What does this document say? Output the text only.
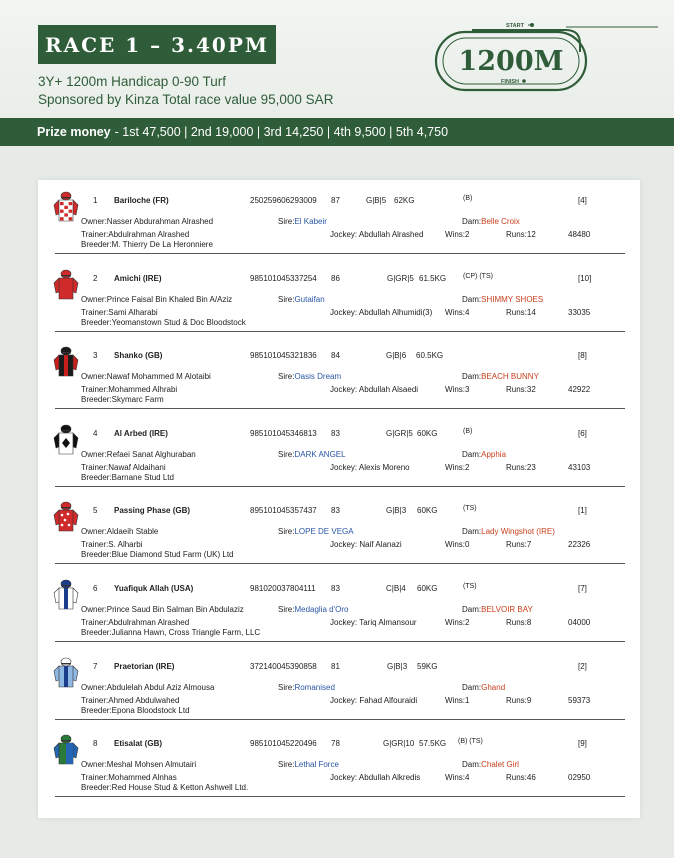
RACE 1 – 3.40PM
3Y+ 1200m Handicap 0-90 Turf
Sponsored by Kinza Total race value 95,000 SAR
START
1200M
FINISH
Prize money - 1st 47,500 | 2nd 19,000 | 3rd 14,250 | 4th 9,500 | 5th 4,750
1 Bariloche (FR)	250259606293009 87	G|B|5 62KG	(B)	[4]
Owner:Nasser Abdurahman Alrashed	Sire:El Kabeir	Dam:Belle Croix
Trainer:Abdulrahman Alrashed	Jockey: Abdullah Alrashed	Wins:2	Runs:12	48480
Breeder:M. Thierry De La Heronniere
2 Amichi (IRE)	985101045337254 86	G|GR|5 61.5KG (CP) (TS)	[10]
Owner:Prince Faisal Bin Khaled Bin A/Aziz	Sire:Gutaifan	Dam:SHIMMY SHOES
Trainer:Sami Alharabi	Jockey: Abdullah Alhumidi(3) Wins:4	Runs:14	33035
Breeder:Yeomanstown Stud & Doc Bloodstock
3 Shanko (GB)	985101045321836 84	G|B|6 60.5KG	[8]
Owner:Nawaf Mohammed M Alotaibi	Sire:Oasis Dream	Dam:BEACH BUNNY
Trainer:Mohammed Alhrabi	Jockey: Abdullah Alsaedi	Wins:3	Runs:32	42922
Breeder:Skymarc Farm
4 Al Arbed (IRE)	985101045346813 83	G|GR|5 60KG	(B)	[6]
Owner:Refaei Sanat Alghuraban	Sire:DARK ANGEL	Dam:Apphia
Trainer:Nawaf Aldaihani	Jockey: Alexis Moreno	Wins:2	Runs:23	43103
Breeder:Barnane Stud Ltd
5 Passing Phase (GB)	895101045357437 83	G|B|3 60KG	(TS)	[1]
Owner:Aldaeih Stable	Sire:LOPE DE VEGA	Dam:Lady Wingshot (IRE)
Trainer:S. Alharbi	Jockey: Naif Alanazi	Wins:0	Runs:7	22326
Breeder:Blue Diamond Stud Farm (UK) Ltd
6 Yuafiquk Allah (USA)	981020037804111 83	C|B|4 60KG	(TS)	[7]
Owner:Prince Saud Bin Salman Bin Abdulaziz	Sire:Medaglia d'Oro	Dam:BELVOIR BAY
Trainer:Abdulrahman Alrashed	Jockey: Tariq Almansour	Wins:2	Runs:8	04000
Breeder:Julianna Hawn, Cross Triangle Farm, LLC
7 Praetorian (IRE)	372140045390858 81	G|B|3 59KG	[2]
Owner:Abdulelah Abdul Aziz Almousa	Sire:Romanised	Dam:Ghand
Trainer:Ahmed Abdulwahed	Jockey: Fahad Alfouraidi	Wins:1	Runs:9	59373
Breeder:Epona Bloodstock Ltd
8 Etisalat (GB)	985101045220496 78	G|GR|10 57.5KG (B) (TS)	[9]
Owner:Meshal Mohsen Almutairi	Sire:Lethal Force	Dam:Chalet Girl
Trainer:Mohammed Alnhas	Jockey: Abdullah Alkredis	Wins:4	Runs:46	02950
Breeder:Red House Stud & Ketton Ashwell Ltd.
